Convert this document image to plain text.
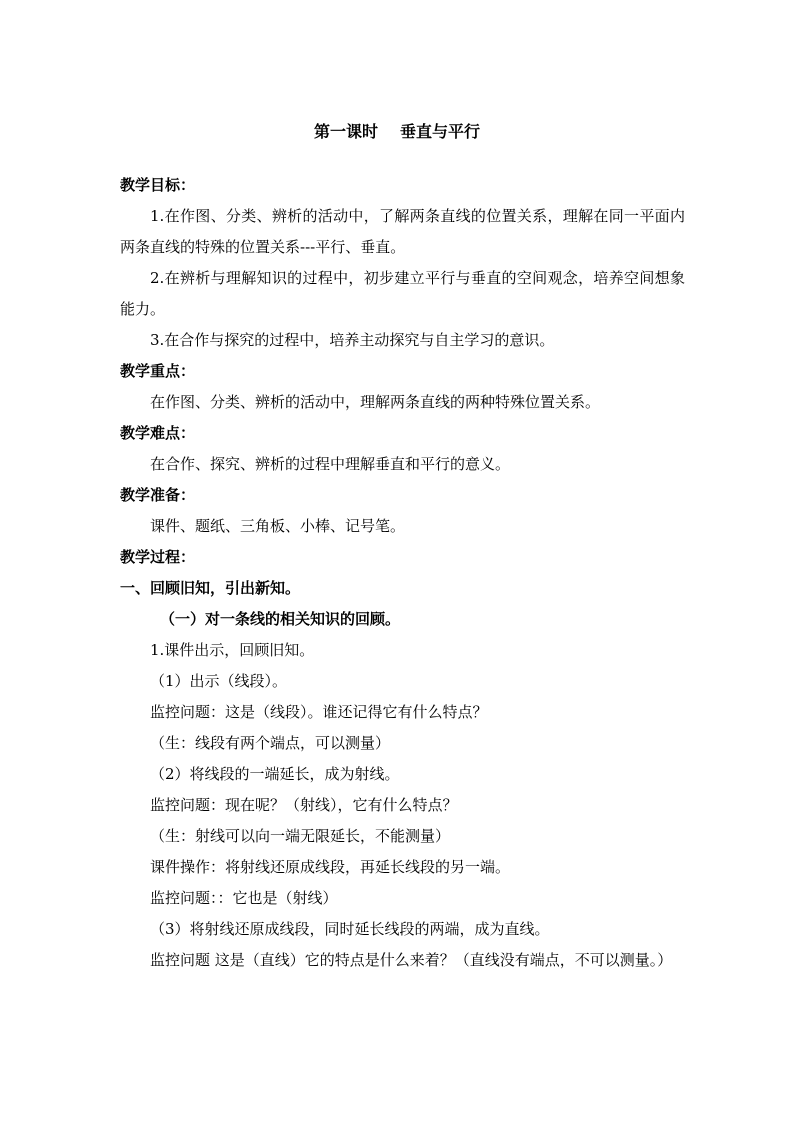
第一课时 垂直与平行

教学目标：

1.在作图、分类、辨析的活动中，了解两条直线的位置关系，理解在同一平面内两条直线的特殊的位置关系---平行、垂直。

2.在辨析与理解知识的过程中，初步建立平行与垂直的空间观念，培养空间想象能力。

3.在合作与探究的过程中，培养主动探究与自主学习的意识。

教学重点：

在作图、分类、辨析的活动中，理解两条直线的两种特殊位置关系。

教学难点：

在合作、探究、辨析的过程中理解垂直和平行的意义。

教学准备：

课件、题纸、三角板、小棒、记号笔。

教学过程：

一、回顾旧知，引出新知。

（一）对一条线的相关知识的回顾。

1.课件出示，回顾旧知。

（1）出示（线段）。

监控问题：这是（线段）。谁还记得它有什么特点？

（生：线段有两个端点，可以测量）

（2）将线段的一端延长，成为射线。

监控问题：现在呢？（射线），它有什么特点？

（生：射线可以向一端无限延长，不能测量）

课件操作：将射线还原成线段，再延长线段的另一端。

监控问题：：它也是（射线）

（3）将射线还原成线段，同时延长线段的两端，成为直线。

监控问题 这是（直线）它的特点是什么来着？（直线没有端点，不可以测量。）
